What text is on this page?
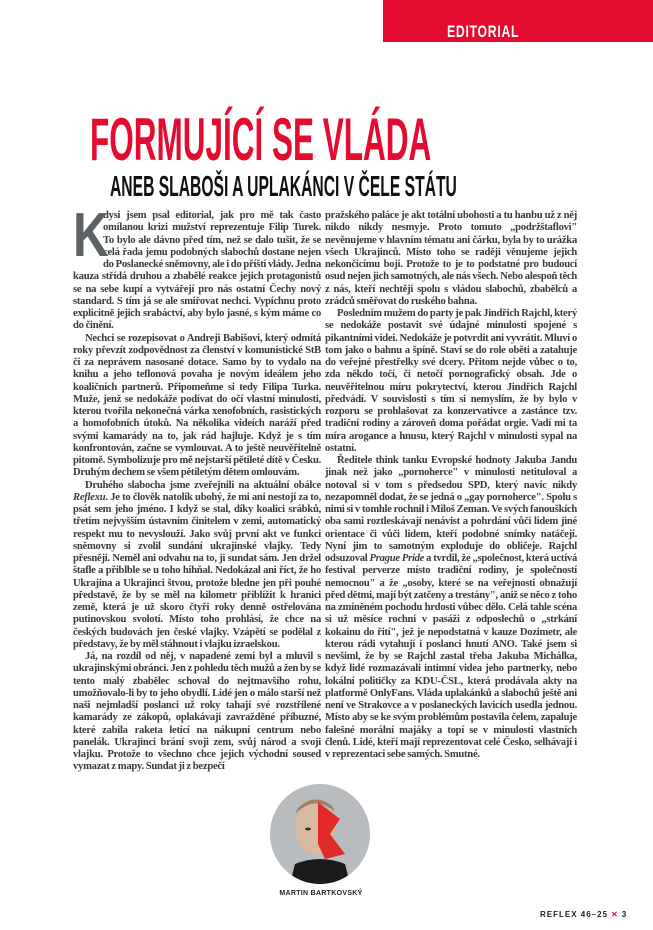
EDITORIAL
FORMUJÍCÍ SE VLÁDA
ANEB SLABOŠI A UPLAKÁNCI V ČELE STÁTU

K
dysi jsem psal editorial, jak pro mě tak často omílanou krizi mužství reprezentuje Filip Turek. To bylo ale dávno před tím, než se dalo tušit, že se celá řada jemu podobných slabochů dostane nejen do Poslanecké sněmovny, ale i do příští vlády. Jedna kauza střídá druhou a zbabělé reakce jejich protagonistů se na sebe kupí a vytvářejí pro nás ostatní Čechy nový standard. S tím já se ale smiřovat nechci. Vypíchnu proto explicitně jejich srabáctví, aby bylo jasné, s kým máme co do činění.

Nechci se rozepisovat o Andreji Babišovi, který odmítá roky převzít zodpovědnost za členství v komunistické StB či za neprávem nasosané dotace. Samo by to vydalo na knihu a jeho teflonová povaha je novým ideálem jeho koaličních partnerů. Připomeňme si tedy Filipa Turka. Muže, jenž se nedokáže podívat do očí vlastní minulosti, kterou tvořila nekonečná várka xenofobních, rasistických a homofobních útoků. Na několika videích naráží před svými kamarády na to, jak rád hajluje. Když je s tím konfrontován, začne se vymlouvat. A to ještě neuvěřitelně pitomě. Symbolizuje pro mě nejstarší pětileté dítě v Česku. Druhým dechem se všem pětiletým dětem omlouvám.

Druhého slabocha jsme zveřejnili na aktuální obálce Reflexu. Je to člověk natolik ubohý, že mi ani nestojí za to, psát sem jeho jméno. I když se stal, díky koalici srábků, třetím nejvyšším ústavním činitelem v zemi, automatický respekt mu to nevyslouží. Jako svůj první akt ve funkci sněmovny si zvolil sundání ukrajinské vlajky. Tedy přesněji. Neměl ani odvahu na to, ji sundat sám. Jen držel štafle a přiblble se u toho hihňal. Nedokázal ani říct, že ho Ukrajina a Ukrajinci štvou, protože bledne jen při pouhé představě, že by se měl na kilometr přiblížit k hranici země, která je už skoro čtyři roky denně ostřelována putinovskou svolotí. Místo toho prohlásí, že chce na českých budovách jen české vlajky. Vzápětí se podělal z představy, že by měl stáhnout i vlajku izraelskou.

Já, na rozdíl od něj, v napadené zemi byl a mluvil s ukrajinskými obránci. Jen z pohledu těch mužů a žen by se tento malý zbabělec schoval do nejtmavšího rohu, umožňovalo-li by to jeho obydlí. Lidé jen o málo starší než naši nejmladší poslanci už roky tahají své rozstřílené kamarády ze zákopů, oplakávají zavražděné příbuzné, které zabila raketa letící na nákupní centrum nebo panelák. Ukrajinci brání svoji zem, svůj národ a svoji vlajku. Protože to všechno chce jejich východní soused vymazat z mapy. Sundat ji z bezpečí

pražského paláce je akt totální ubohosti a tu hanbu už z něj nikdo nikdy nesmyje. Proto tomuto „podržštaflovi" nevěnujeme v hlavním tématu ani čárku, byla by to urážka všech Ukrajinců. Místo toho se raději věnujeme jejich nekončícímu boji. Protože to je to podstatné pro budoucí osud nejen jich samotných, ale nás všech. Nebo alespoň těch z nás, kteří nechtějí spolu s vládou slabochů, zbabělců a zrádců směřovat do ruského bahna.

Posledním mužem do party je pak Jindřich Rajchl, který se nedokáže postavit své údajné minulosti spojené s pikantními videi. Nedokáže je potvrdit ani vyvrátit. Mluví o tom jako o bahnu a špíně. Staví se do role oběti a zatahuje do veřejné přestřelky své dcery. Přitom nejde vůbec o to, zda někdo točí, či netočí pornografický obsah. Jde o neuvěřitelnou míru pokrytectví, kterou Jindřich Rajchl předvádí. V souvislosti s tím si nemyslím, že by bylo v rozporu se prohlašovat za konzervativce a zastánce tzv. tradiční rodiny a zároveň doma pořádat orgie. Vadí mi ta míra arogance a hnusu, který Rajchl v minulosti sypal na ostatní.

Ředitele think tanku Evropské hodnoty Jakuba Jandu jinak než jako „pornoherce" v minulosti netituloval a notoval si v tom s předsedou SPD, který navíc nikdy nezapomněl dodat, že se jedná o „gay pornoherce". Spolu s nimi si v tomhle rochnil i Miloš Zeman. Ve svých fanouškích oba sami roztleskávají nenávist a pohrdání vůči lidem jiné orientace či vůči lidem, kteří podobné snímky natáčejí. Nyní jim to samotným exploduje do obličeje. Rajchl odsuzoval Prague Pride a tvrdil, že „společnost, která uctívá festival perverze místo tradiční rodiny, je společností nemocnou" a že „osoby, které se na veřejnosti obnažují před dětmi, mají být zatčeny a trestány", aniž se něco z toho na zmíněném pochodu hrdosti vůbec dělo. Celá tahle scéna si už měsíce rochní v pasáži z odposlechů o „strkání kokainu do řití", jež je nepodstatná v kauze Dozimetr, ale kterou rádi vytahují i poslanci hnutí ANO. Také jsem si nevšiml, že by se Rajchl zastal třeba Jakuba Michálka, když lidé rozmazávali intimní videa jeho partnerky, nebo lokální političky za KDU-ČSL, která prodávala akty na platformě OnlyFans. Vláda uplakánků a slabochů ještě ani není ve Strakovce a v poslaneckých lavicích usedla jednou. Místo aby se ke svým problémům postavila čelem, zapaluje falešné morální majáky a topí se v minulosti vlastních členů. Lidé, kteří mají reprezentovat celé Česko, selhávají i v reprezentaci sebe samých. Smutné.

MARTIN BARTKOVSKÝ
REFLEX 46–25 ✕ 3
